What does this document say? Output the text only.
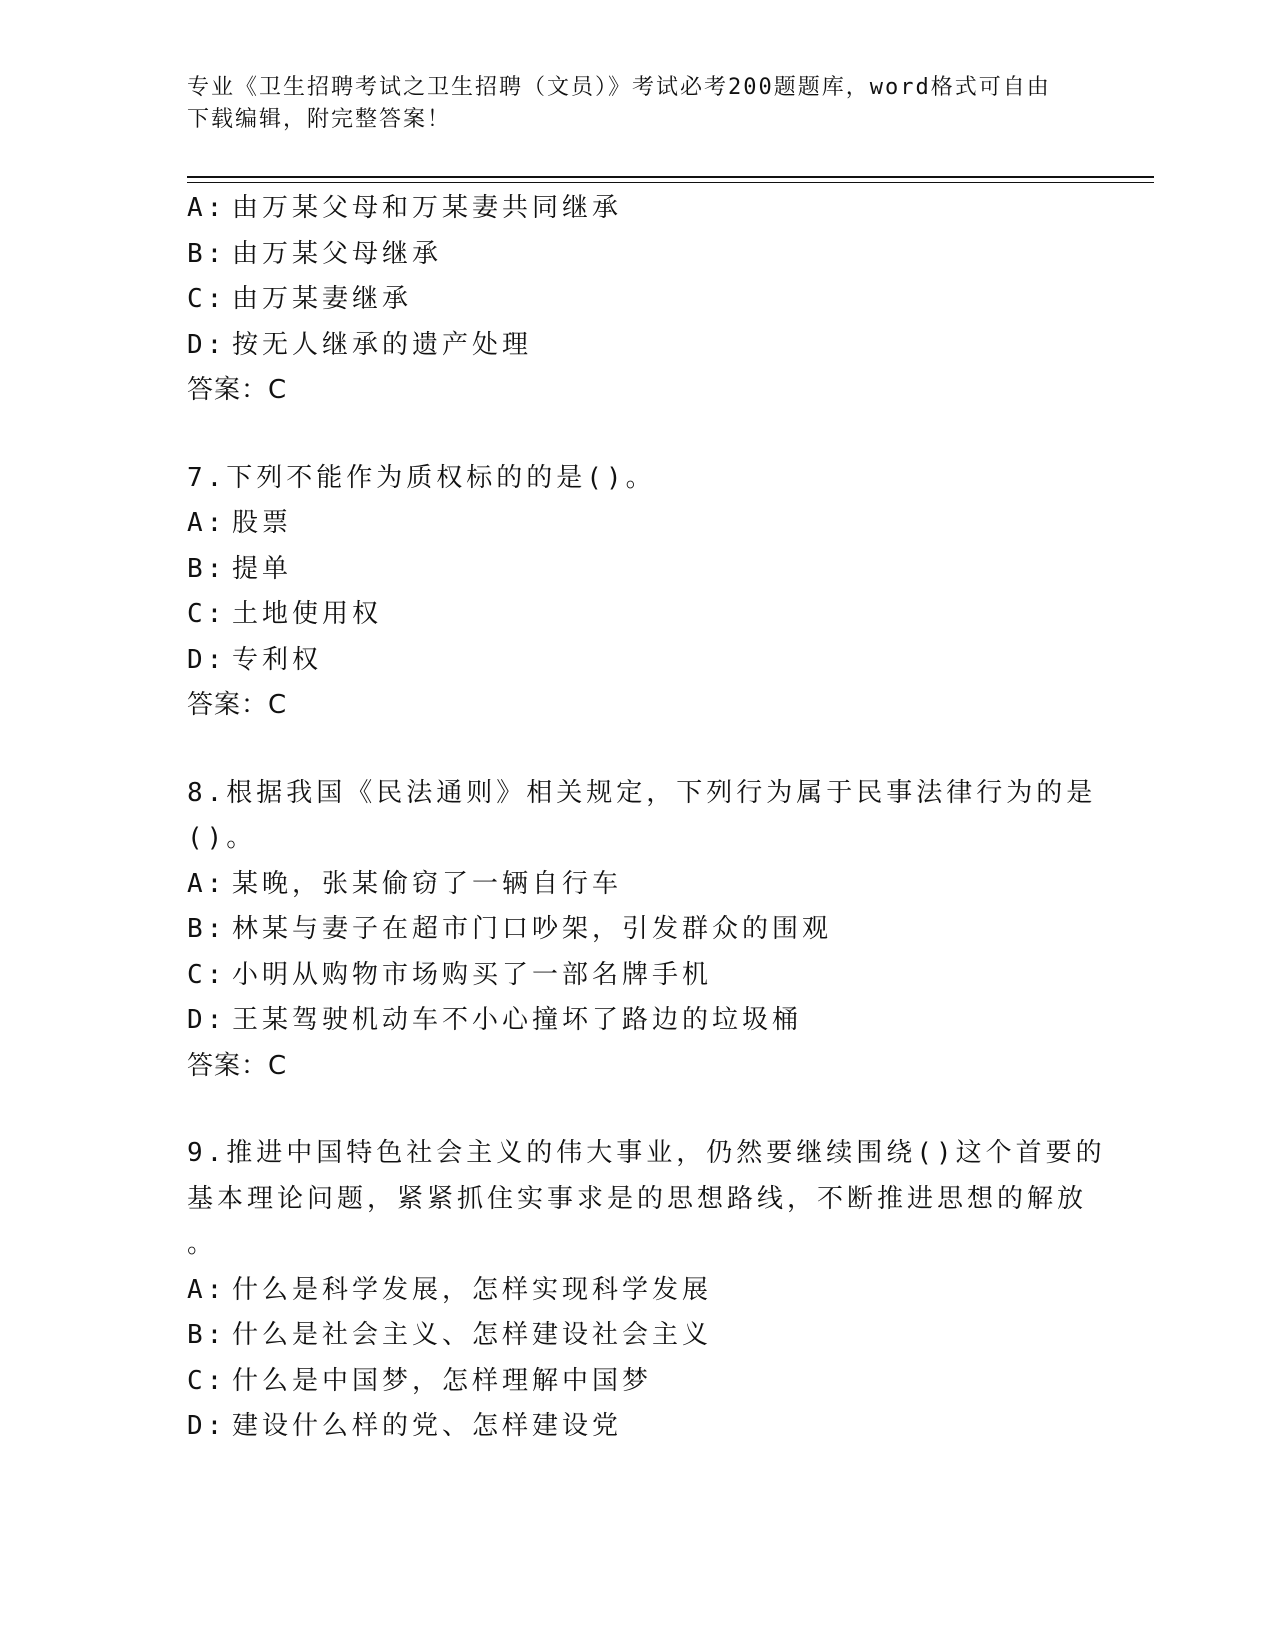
专业《卫生招聘考试之卫生招聘（文员）》考试必考200题题库，word格式可自由下载编辑，附完整答案！
A: 由万某父母和万某妻共同继承
B: 由万某父母继承
C: 由万某妻继承
D: 按无人继承的遗产处理
答案：C
7.下列不能作为质权标的的是()。
A: 股票
B: 提单
C: 土地使用权
D: 专利权
答案：C
8.根据我国《民法通则》相关规定，下列行为属于民事法律行为的是
()。
A: 某晚，张某偷窃了一辆自行车
B: 林某与妻子在超市门口吵架，引发群众的围观
C: 小明从购物市场购买了一部名牌手机
D: 王某驾驶机动车不小心撞坏了路边的垃圾桶
答案：C
9.推进中国特色社会主义的伟大事业，仍然要继续围绕()这个首要的
基本理论问题，紧紧抓住实事求是的思想路线，不断推进思想的解放
。
A: 什么是科学发展，怎样实现科学发展
B: 什么是社会主义、怎样建设社会主义
C: 什么是中国梦，怎样理解中国梦
D: 建设什么样的党、怎样建设党
